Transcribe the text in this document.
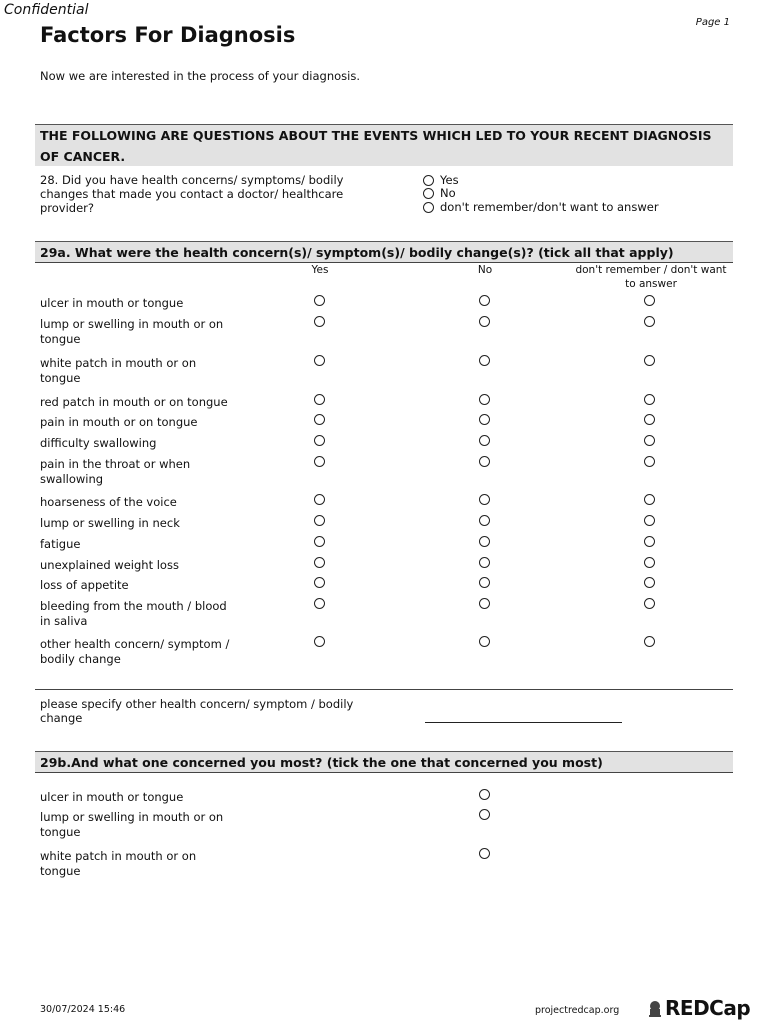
Confidential
Page 1
Factors For Diagnosis
Now we are interested in the process of your diagnosis.
THE FOLLOWING ARE QUESTIONS ABOUT THE EVENTS WHICH LED TO YOUR RECENT DIAGNOSIS OF CANCER.
28. Did you have health concerns/ symptoms/ bodily changes that made you contact a doctor/ healthcare provider?
Yes
No
don't remember/don't want to answer
29a. What were the health concern(s)/ symptom(s)/ bodily change(s)? (tick all that apply)
Yes	No	don't remember / don't want to answer
ulcer in mouth or tongue
lump or swelling in mouth or on tongue
white patch in mouth or on tongue
red patch in mouth or on tongue
pain in mouth or on tongue
difficulty swallowing
pain in the throat or when swallowing
hoarseness of the voice
lump or swelling in neck
fatigue
unexplained weight loss
loss of appetite
bleeding from the mouth / blood in saliva
other health concern/ symptom / bodily change
please specify other health concern/ symptom / bodily change
29b.And what one concerned you most? (tick the one that concerned you most)
ulcer in mouth or tongue
lump or swelling in mouth or on tongue
white patch in mouth or on tongue
30/07/2024 15:46	projectredcap.org	REDCap
